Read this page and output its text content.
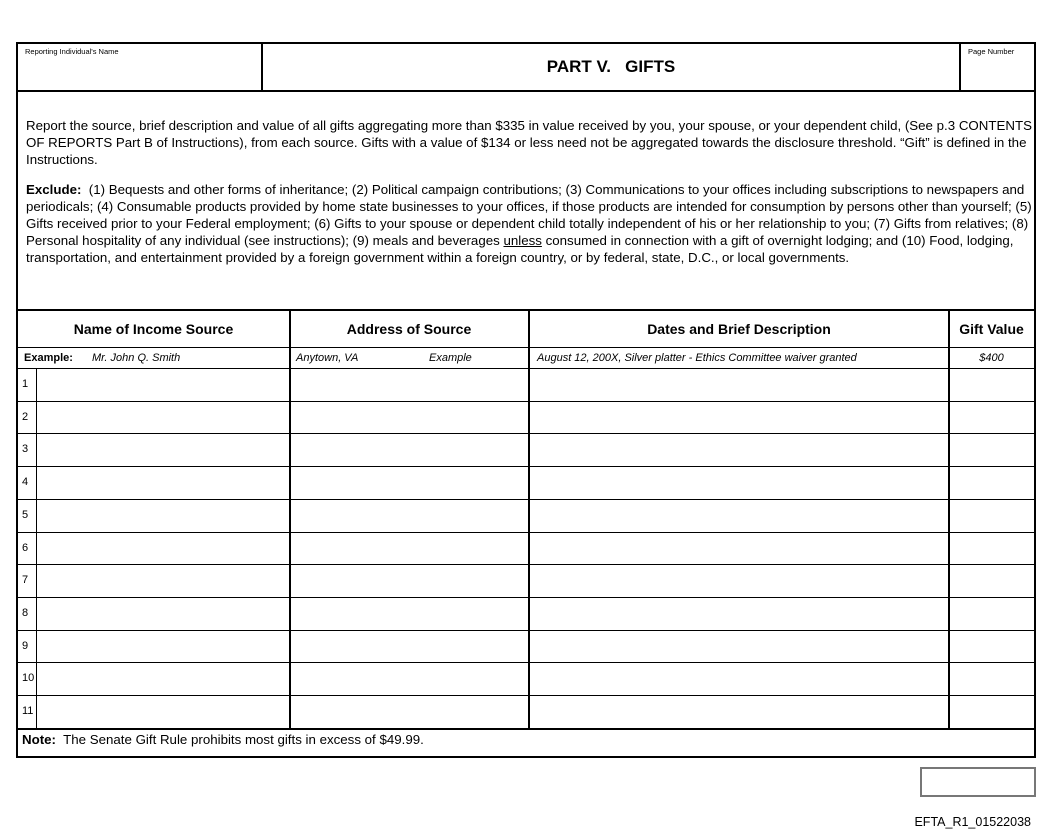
Reporting Individual's Name
PART V.   GIFTS
Page Number
Report the source, brief description and value of all gifts aggregating more than $335 in value received by you, your spouse, or your dependent child, (See p.3 CONTENTS OF REPORTS Part B of Instructions), from each source. Gifts with a value of $134 or less need not be aggregated towards the disclosure threshold. “Gift” is defined in the Instructions.
Exclude:  (1) Bequests and other forms of inheritance; (2) Political campaign contributions; (3) Communications to your offices including subscriptions to newspapers and periodicals; (4) Consumable products provided by home state businesses to your offices, if those products are intended for consumption by persons other than yourself; (5) Gifts received prior to your Federal employment; (6) Gifts to your spouse or dependent child totally independent of his or her relationship to you; (7) Gifts from relatives; (8) Personal hospitality of any individual (see instructions); (9) meals and beverages unless consumed in connection with a gift of overnight lodging; and (10) Food, lodging, transportation, and entertainment provided by a foreign government within a foreign country, or by federal, state, D.C., or local governments.
Name of Income Source	Address of Source	Dates and Brief Description	Gift Value
Example: Mr. John Q. Smith	Anytown, VA	Example	August 12, 200X, Silver platter - Ethics Committee waiver granted	$400
1
2
3
4
5
6
7
8
9
10
11
Note:  The Senate Gift Rule prohibits most gifts in excess of $49.99.
EFTA_R1_01522038
